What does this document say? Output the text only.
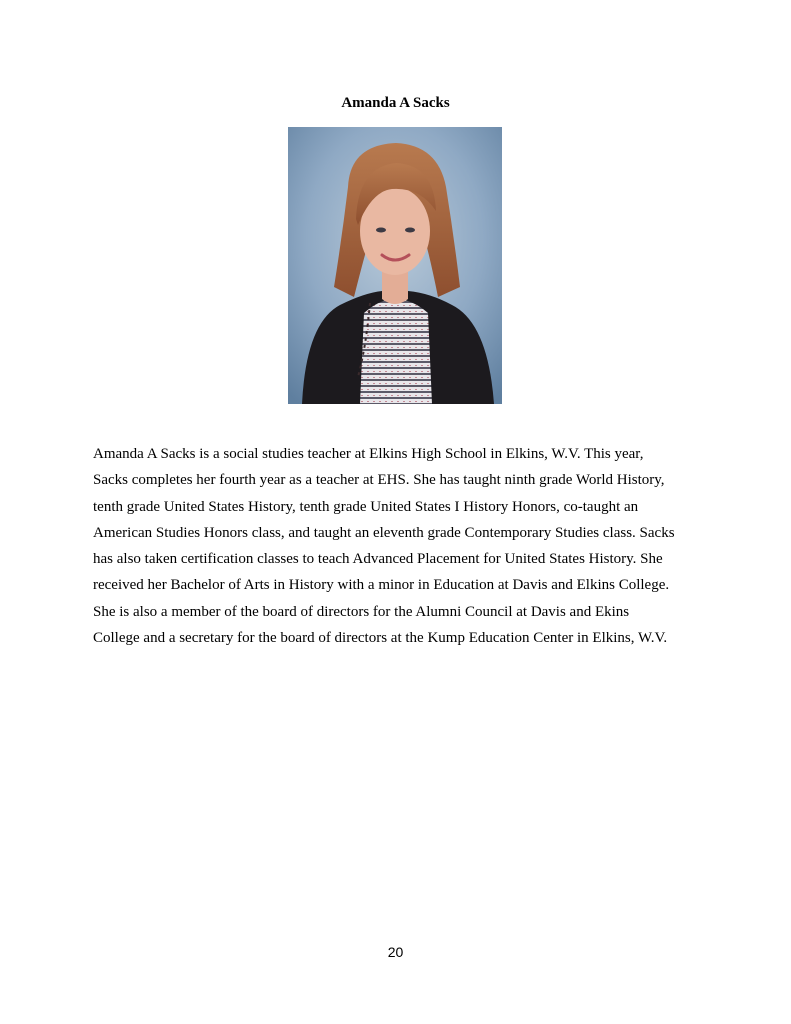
Amanda A Sacks
Amanda A Sacks is a social studies teacher at Elkins High School in Elkins, W.V. This year,
Sacks completes her fourth year as a teacher at EHS. She has taught ninth grade World History,
tenth grade United States History, tenth grade United States I History Honors, co-taught an
American Studies Honors class, and taught an eleventh grade Contemporary Studies class. Sacks
has also taken certification classes to teach Advanced Placement for United States History. She
received her Bachelor of Arts in History with a minor in Education at Davis and Elkins College.
She is also a member of the board of directors for the Alumni Council at Davis and Ekins
College and a secretary for the board of directors at the Kump Education Center in Elkins, W.V.
20
